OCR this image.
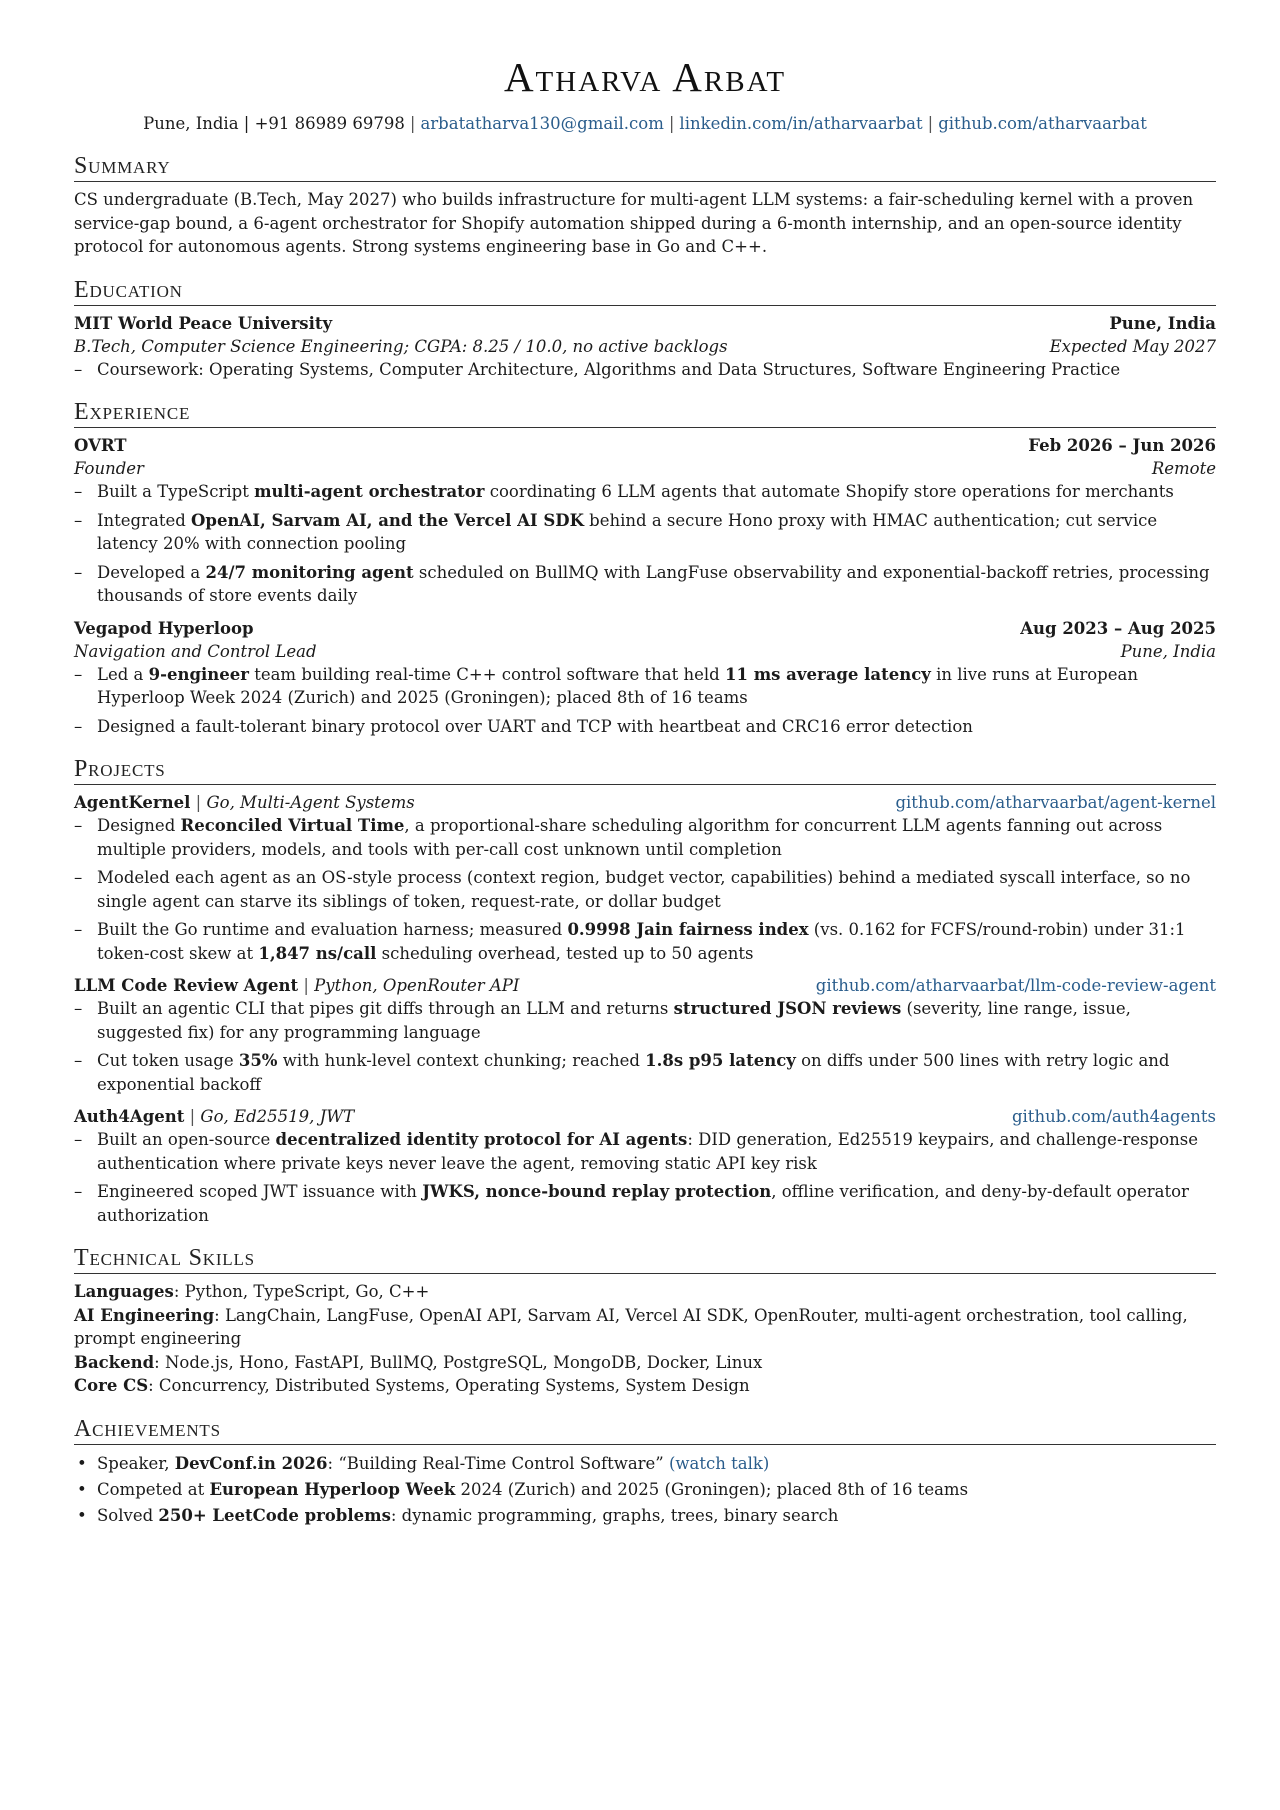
Atharva Arbat
Pune, India | +91 86989 69798 | arbatatharva130@gmail.com | linkedin.com/in/atharvaarbat | github.com/atharvaarbat
Summary
CS undergraduate (B.Tech, May 2027) who builds infrastructure for multi-agent LLM systems: a fair-scheduling kernel with a proven service-gap bound, a 6-agent orchestrator for Shopify automation shipped during a 6-month internship, and an open-source identity protocol for autonomous agents. Strong systems engineering base in Go and C++.
Education
MIT World Peace University	Pune, India
B.Tech, Computer Science Engineering; CGPA: 8.25 / 10.0, no active backlogs	Expected May 2027
– Coursework: Operating Systems, Computer Architecture, Algorithms and Data Structures, Software Engineering Practice
Experience
OVRT	Feb 2026 – Jun 2026
Founder	Remote
– Built a TypeScript multi-agent orchestrator coordinating 6 LLM agents that automate Shopify store operations for merchants
– Integrated OpenAI, Sarvam AI, and the Vercel AI SDK behind a secure Hono proxy with HMAC authentication; cut service latency 20% with connection pooling
– Developed a 24/7 monitoring agent scheduled on BullMQ with LangFuse observability and exponential-backoff retries, processing thousands of store events daily
Vegapod Hyperloop	Aug 2023 – Aug 2025
Navigation and Control Lead	Pune, India
– Led a 9-engineer team building real-time C++ control software that held 11 ms average latency in live runs at European Hyperloop Week 2024 (Zurich) and 2025 (Groningen); placed 8th of 16 teams
– Designed a fault-tolerant binary protocol over UART and TCP with heartbeat and CRC16 error detection
Projects
AgentKernel | Go, Multi-Agent Systems	github.com/atharvaarbat/agent-kernel
– Designed Reconciled Virtual Time, a proportional-share scheduling algorithm for concurrent LLM agents fanning out across multiple providers, models, and tools with per-call cost unknown until completion
– Modeled each agent as an OS-style process (context region, budget vector, capabilities) behind a mediated syscall interface, so no single agent can starve its siblings of token, request-rate, or dollar budget
– Built the Go runtime and evaluation harness; measured 0.9998 Jain fairness index (vs. 0.162 for FCFS/round-robin) under 31:1 token-cost skew at 1,847 ns/call scheduling overhead, tested up to 50 agents
LLM Code Review Agent | Python, OpenRouter API	github.com/atharvaarbat/llm-code-review-agent
– Built an agentic CLI that pipes git diffs through an LLM and returns structured JSON reviews (severity, line range, issue, suggested fix) for any programming language
– Cut token usage 35% with hunk-level context chunking; reached 1.8s p95 latency on diffs under 500 lines with retry logic and exponential backoff
Auth4Agent | Go, Ed25519, JWT	github.com/auth4agents
– Built an open-source decentralized identity protocol for AI agents: DID generation, Ed25519 keypairs, and challenge-response authentication where private keys never leave the agent, removing static API key risk
– Engineered scoped JWT issuance with JWKS, nonce-bound replay protection, offline verification, and deny-by-default operator authorization
Technical Skills
Languages: Python, TypeScript, Go, C++
AI Engineering: LangChain, LangFuse, OpenAI API, Sarvam AI, Vercel AI SDK, OpenRouter, multi-agent orchestration, tool calling, prompt engineering
Backend: Node.js, Hono, FastAPI, BullMQ, PostgreSQL, MongoDB, Docker, Linux
Core CS: Concurrency, Distributed Systems, Operating Systems, System Design
Achievements
• Speaker, DevConf.in 2026: “Building Real-Time Control Software” (watch talk)
• Competed at European Hyperloop Week 2024 (Zurich) and 2025 (Groningen); placed 8th of 16 teams
• Solved 250+ LeetCode problems: dynamic programming, graphs, trees, binary search
